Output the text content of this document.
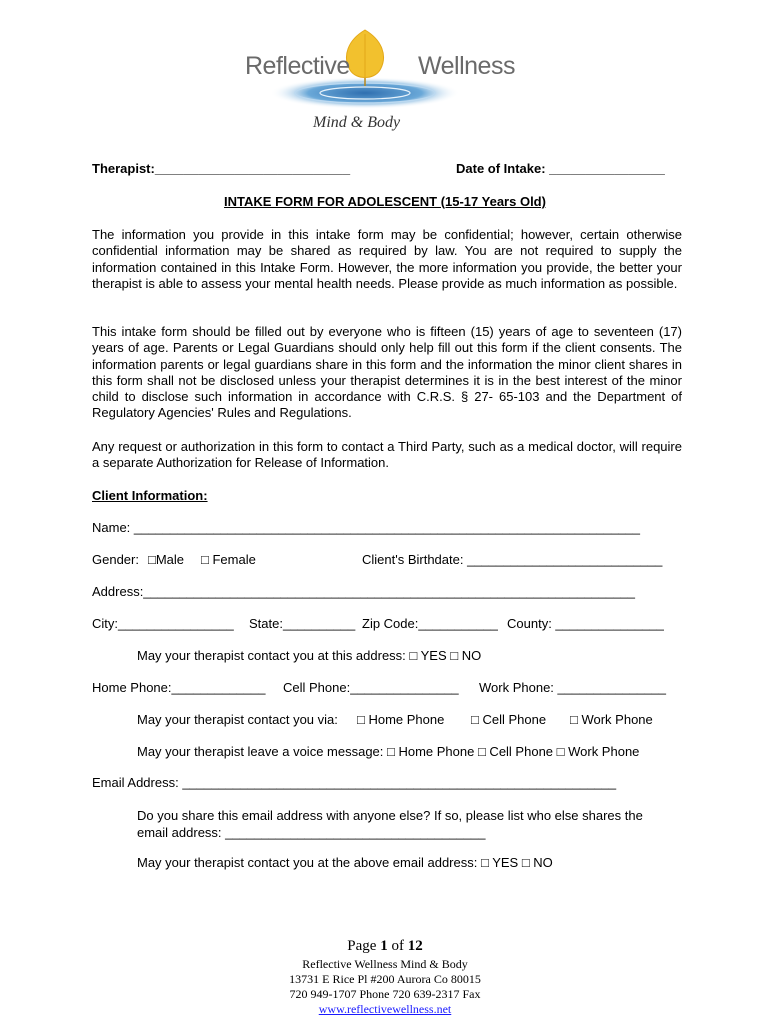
Reflective	Wellness
Mind & Body
Therapist:___________________________	Date of Intake: ________________
INTAKE FORM FOR ADOLESCENT (15-17 Years Old)
The information you provide in this intake form may be confidential; however, certain otherwise confidential information may be shared as required by law. You are not required to supply the information contained in this Intake Form. However, the more information you provide, the better your therapist is able to assess your mental health needs. Please provide as much information as possible.
This intake form should be filled out by everyone who is fifteen (15) years of age to seventeen (17) years of age. Parents or Legal Guardians should only help fill out this form if the client consents. The information parents or legal guardians share in this form and the information the minor client shares in this form shall not be disclosed unless your therapist determines it is in the best interest of the minor child to disclose such information in accordance with C.R.S. § 27- 65-103 and the Department of Regulatory Agencies' Rules and Regulations.
Any request or authorization in this form to contact a Third Party, such as a medical doctor, will require a separate Authorization for Release of Information.
Client Information:
Name: ______________________________________________________________________
Gender: □Male □ Female	Client's Birthdate: ___________________________
Address:____________________________________________________________________
City:________________ State:__________ Zip Code:___________ County: _______________
May your therapist contact you at this address: □ YES □ NO
Home Phone:_____________ Cell Phone:_______________ Work Phone: _______________
May your therapist contact you via: □ Home Phone □ Cell Phone □ Work Phone
May your therapist leave a voice message: □ Home Phone □ Cell Phone □ Work Phone
Email Address: ____________________________________________________________
Do you share this email address with anyone else? If so, please list who else shares the
email address: ____________________________________
May your therapist contact you at the above email address: □ YES □ NO
Page 1 of 12
Reflective Wellness Mind & Body
13731 E Rice Pl #200 Aurora Co 80015
720 949-1707 Phone 720 639-2317 Fax
www.reflectivewellness.net
